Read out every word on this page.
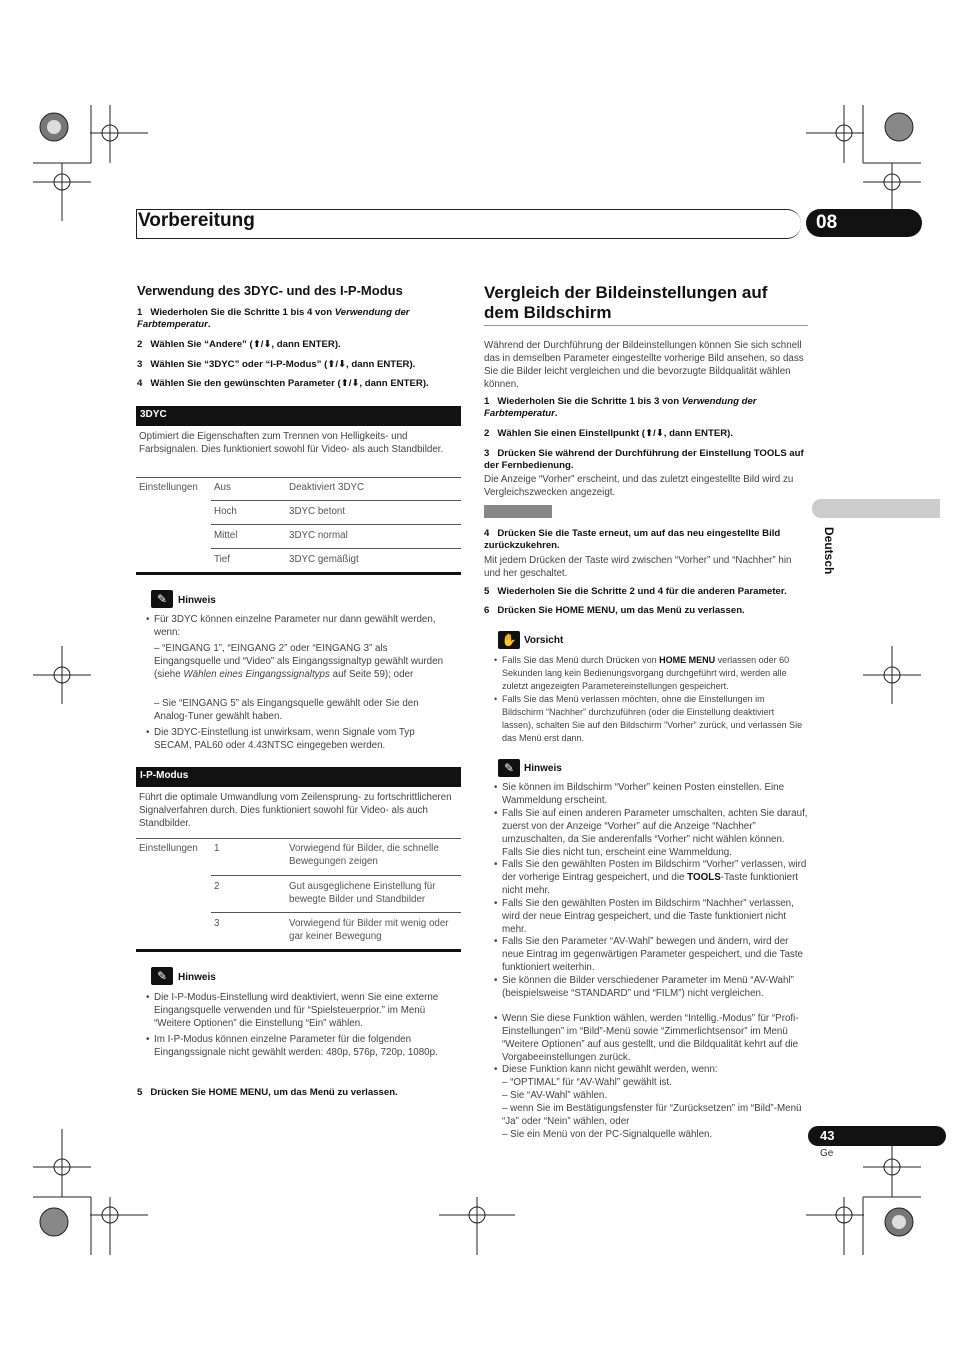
Vorbereitung	08
Deutsch
43
Ge
Verwendung des 3DYC- und des I-P-Modus
1 Wiederholen Sie die Schritte 1 bis 4 von Verwendung der Farbtemperatur.
2 Wählen Sie “Andere” (⬆/⬇, dann ENTER).
3 Wählen Sie “3DYC” oder “I-P-Modus” (⬆/⬇, dann ENTER).
4 Wählen Sie den gewünschten Parameter (⬆/⬇, dann ENTER).
3DYC
Optimiert die Eigenschaften zum Trennen von Helligkeits- und Farbsignalen. Dies funktioniert sowohl für Video- als auch Standbilder.
Einstellungen Aus	Deaktiviert 3DYC
Hoch	3DYC betont
Mittel	3DYC normal
Tief	3DYC gemäßigt
✎	Hinweis
• Für 3DYC können einzelne Parameter nur dann gewählt werden, wenn:
– “EINGANG 1”, “EINGANG 2” oder “EINGANG 3” als Eingangsquelle und “Video” als Eingangssignaltyp gewählt wurden (siehe Wählen eines Eingangssignaltyps auf Seite 59); oder
– Sie “EINGANG 5” als Eingangsquelle gewählt oder Sie den Analog-Tuner gewählt haben.
• Die 3DYC-Einstellung ist unwirksam, wenn Signale vom Typ SECAM, PAL60 oder 4.43NTSC eingegeben werden.
I-P-Modus
Führt die optimale Umwandlung vom Zeilensprung- zu fortschrittlicheren Signalverfahren durch. Dies funktioniert sowohl für Video- als auch Standbilder.
Einstellungen 1	Vorwiegend für Bilder, die schnelle Bewegungen zeigen
2	Gut ausgeglichene Einstellung für bewegte Bilder und Standbilder
3	Vorwiegend für Bilder mit wenig oder gar keiner Bewegung
✎	Hinweis
• Die I-P-Modus-Einstellung wird deaktiviert, wenn Sie eine externe Eingangsquelle verwenden und für “Spielsteuerprior.” im Menü “Weitere Optionen” die Einstellung “Ein” wählen.
• Im I-P-Modus können einzelne Parameter für die folgenden Eingangssignale nicht gewählt werden: 480p, 576p, 720p, 1080p.
5 Drücken Sie HOME MENU, um das Menü zu verlassen.
Vergleich der Bildeinstellungen auf dem Bildschirm
Während der Durchführung der Bildeinstellungen können Sie sich schnell das in demselben Parameter eingestellte vorherige Bild ansehen, so dass Sie die Bilder leicht vergleichen und die bevorzugte Bildqualität wählen können.
1 Wiederholen Sie die Schritte 1 bis 3 von Verwendung der Farbtemperatur.
2 Wählen Sie einen Einstellpunkt (⬆/⬇, dann ENTER).
3 Drücken Sie während der Durchführung der Einstellung TOOLS auf der Fernbedienung.
Die Anzeige “Vorher” erscheint, und das zuletzt eingestellte Bild wird zu Vergleichszwecken angezeigt.
4 Drücken Sie die Taste erneut, um auf das neu eingestellte Bild zurückzukehren.
Mit jedem Drücken der Taste wird zwischen “Vorher” und “Nachher” hin und her geschaltet.
5 Wiederholen Sie die Schritte 2 und 4 für die anderen Parameter.
6 Drücken Sie HOME MENU, um das Menü zu verlassen.
✋ Vorsicht
• Falls Sie das Menü durch Drücken von HOME MENU verlassen oder 60 Sekunden lang kein Bedienungsvorgang durchgeführt wird, werden alle zuletzt angezeigten Parametereinstellungen gespeichert.
• Falls Sie das Menü verlassen möchten, ohne die Einstellungen im Bildschirm “Nachher” durchzuführen (oder die Einstellung deaktiviert lassen), schalten Sie auf den Bildschirm “Vorher” zurück, und verlassen Sie das Menü erst dann.
✎ Hinweis
• Sie können im Bildschirm “Vorher” keinen Posten einstellen. Eine Wammeldung erscheint.
• Falls Sie auf einen anderen Parameter umschalten, achten Sie darauf, zuerst von der Anzeige “Vorher” auf die Anzeige “Nachher” umzuschalten, da Sie anderenfalls “Vorher” nicht wählen können. Falls Sie dies nicht tun, erscheint eine Wammeldung.
• Falls Sie den gewählten Posten im Bildschirm “Vorher” verlassen, wird der vorherige Eintrag gespeichert, und die TOOLS-Taste funktioniert nicht mehr.
• Falls Sie den gewählten Posten im Bildschirm “Nachher” verlassen, wird der neue Eintrag gespeichert, und die Taste funktioniert nicht mehr.
• Falls Sie den Parameter “AV-Wahl” bewegen und ändern, wird der neue Eintrag im gegenwärtigen Parameter gespeichert, und die Taste funktioniert weiterhin.
• Sie können die Bilder verschiedener Parameter im Menü “AV-Wahl” (beispielsweise “STANDARD” und “FILM”) nicht vergleichen.
• Wenn Sie diese Funktion wählen, werden “Intellig.-Modus” für “Profi-Einstellungen” im “Bild”-Menü sowie “Zimmerlichtsensor” im Menü “Weitere Optionen” auf aus gestellt, und die Bildqualität kehrt auf die Vorgabeeinstellungen zurück.
• Diese Funktion kann nicht gewählt werden, wenn:
– “OPTIMAL” für “AV-Wahl” gewählt ist.
– Sie “AV-Wahl” wählen.
– wenn Sie im Bestätigungsfenster für “Zurücksetzen” im “Bild”-Menü “Ja” oder “Nein” wählen, oder
– Sie ein Menü von der PC-Signalquelle wählen.
